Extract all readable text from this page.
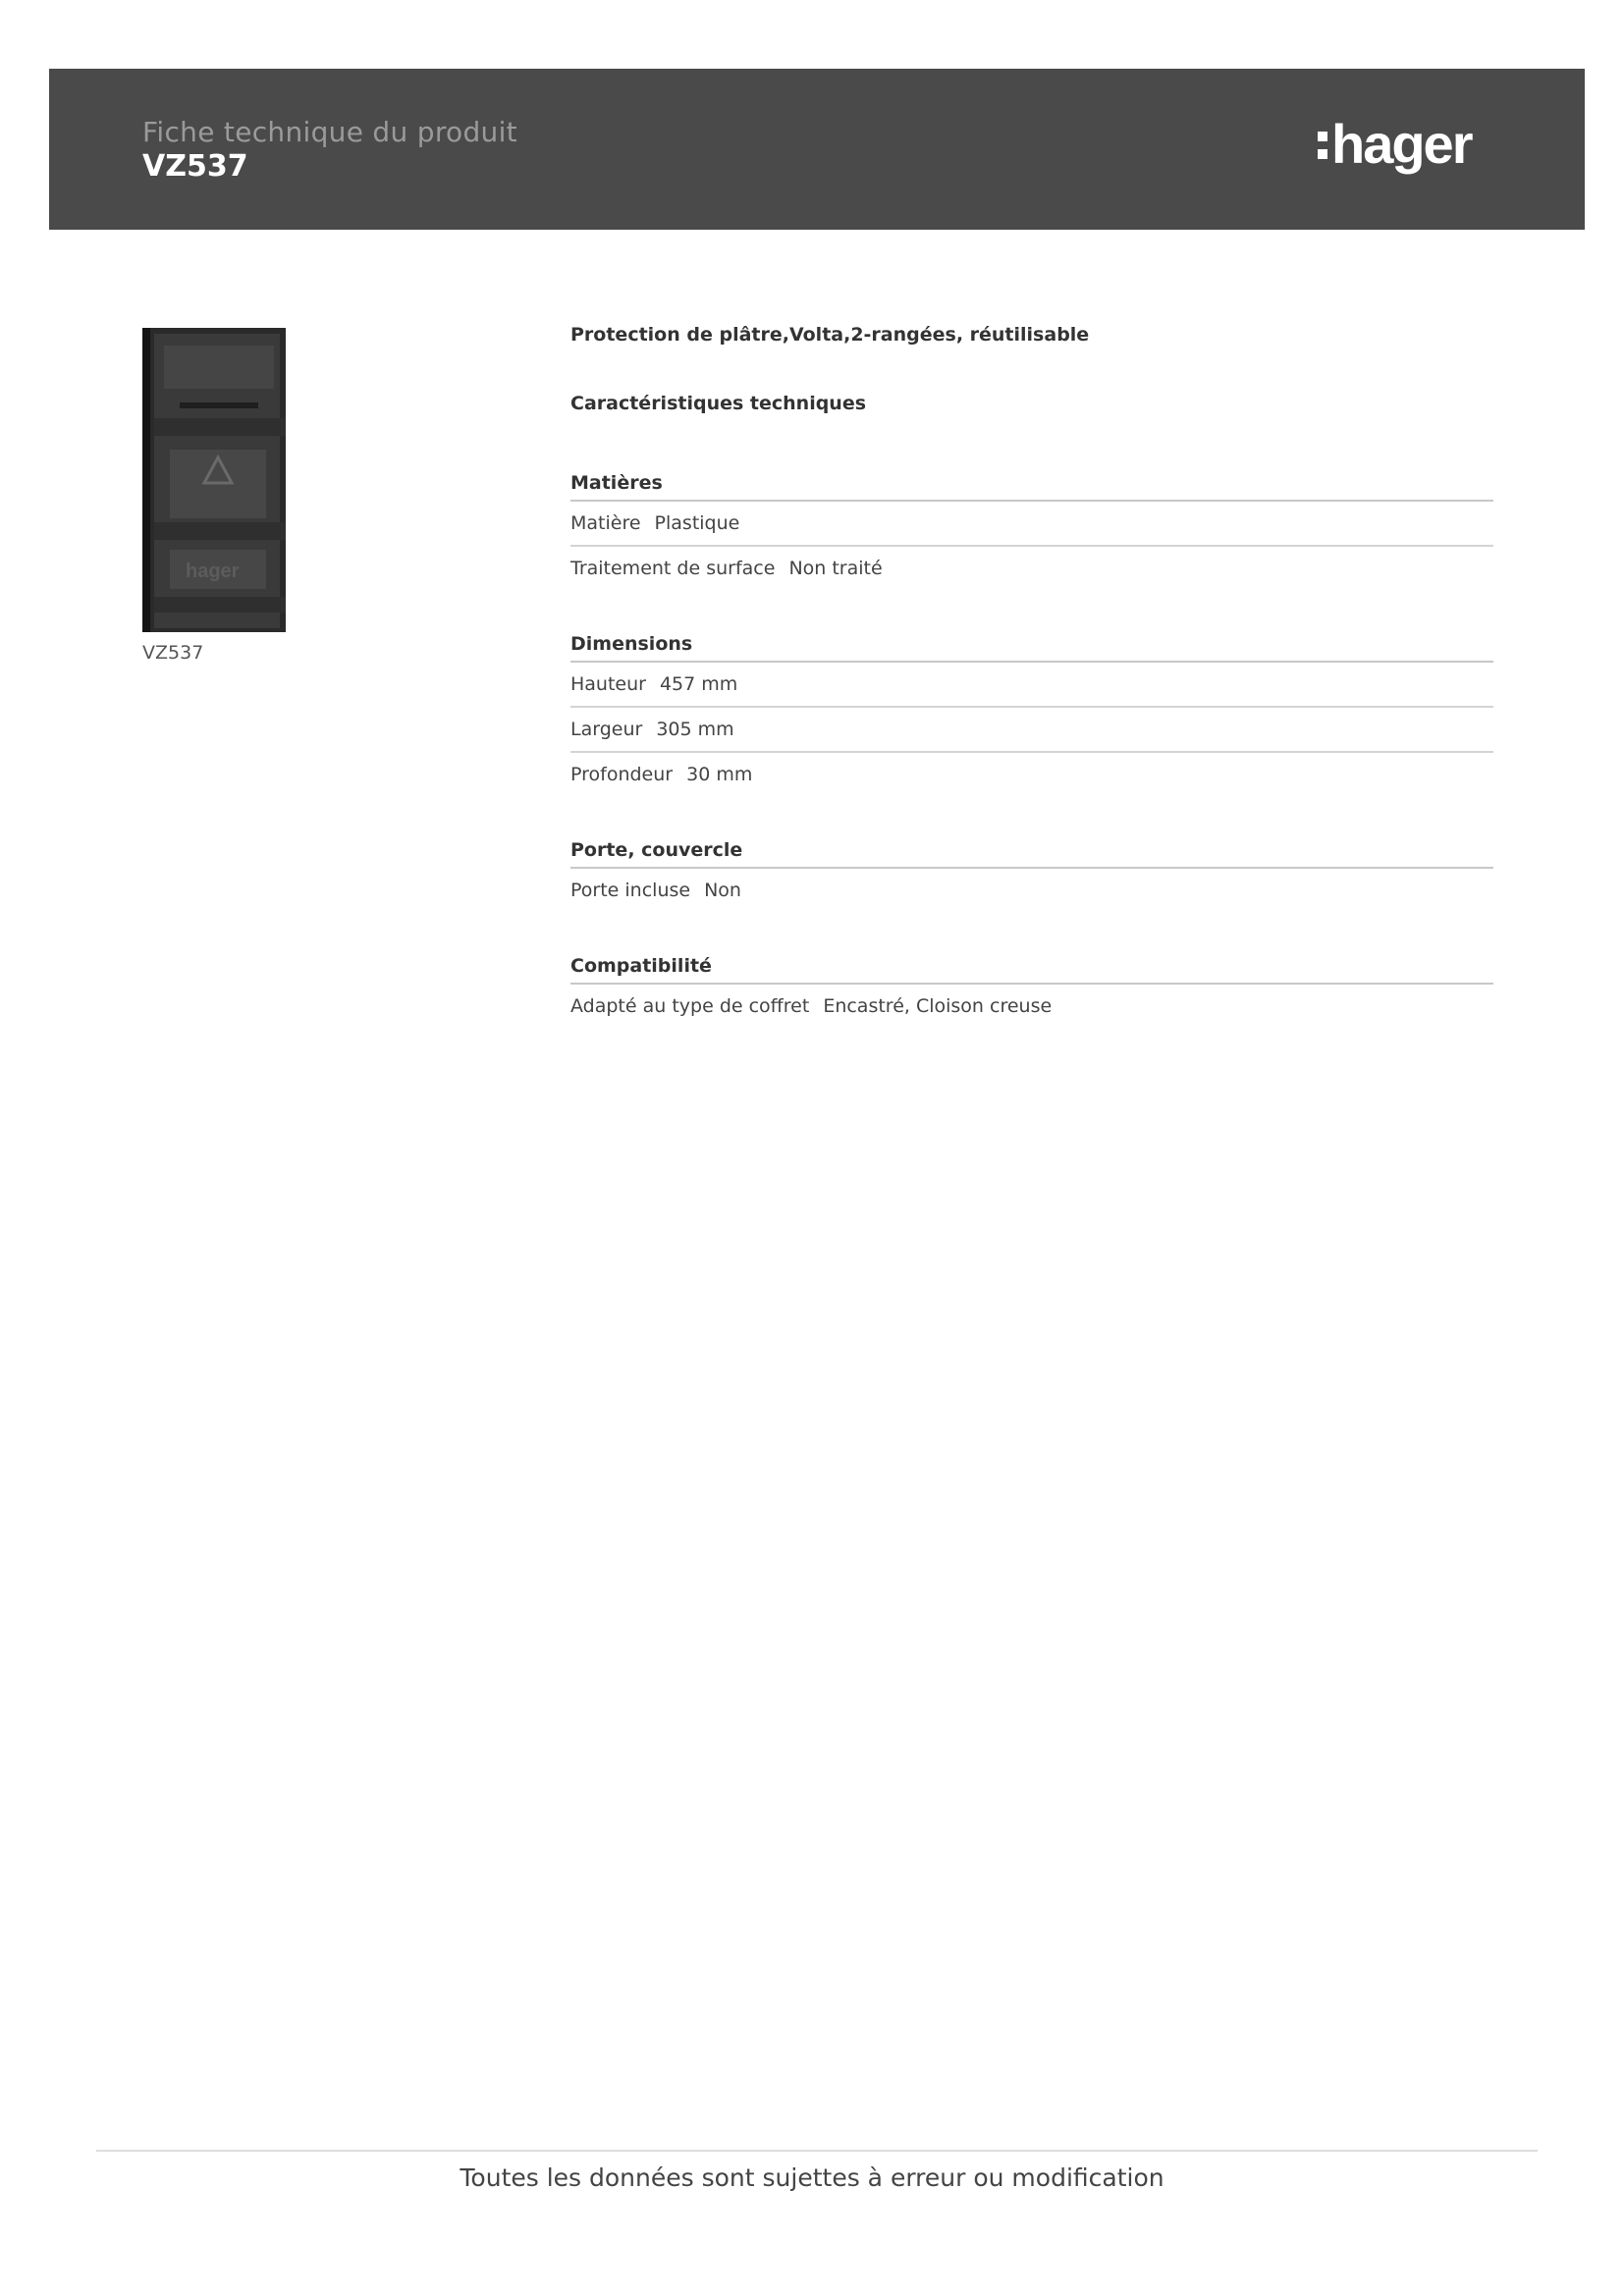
Fiche technique du produit
VZ537	hager
hager
VZ537
Protection de plâtre,Volta,2-rangées, réutilisable
Caractéristiques techniques
Matières
Matière Plastique
Traitement de surface Non traité
Dimensions
Hauteur 457 mm
Largeur 305 mm
Profondeur 30 mm
Porte, couvercle
Porte incluse Non
Compatibilité
Adapté au type de coffret Encastré, Cloison creuse
Toutes les données sont sujettes à erreur ou modification
